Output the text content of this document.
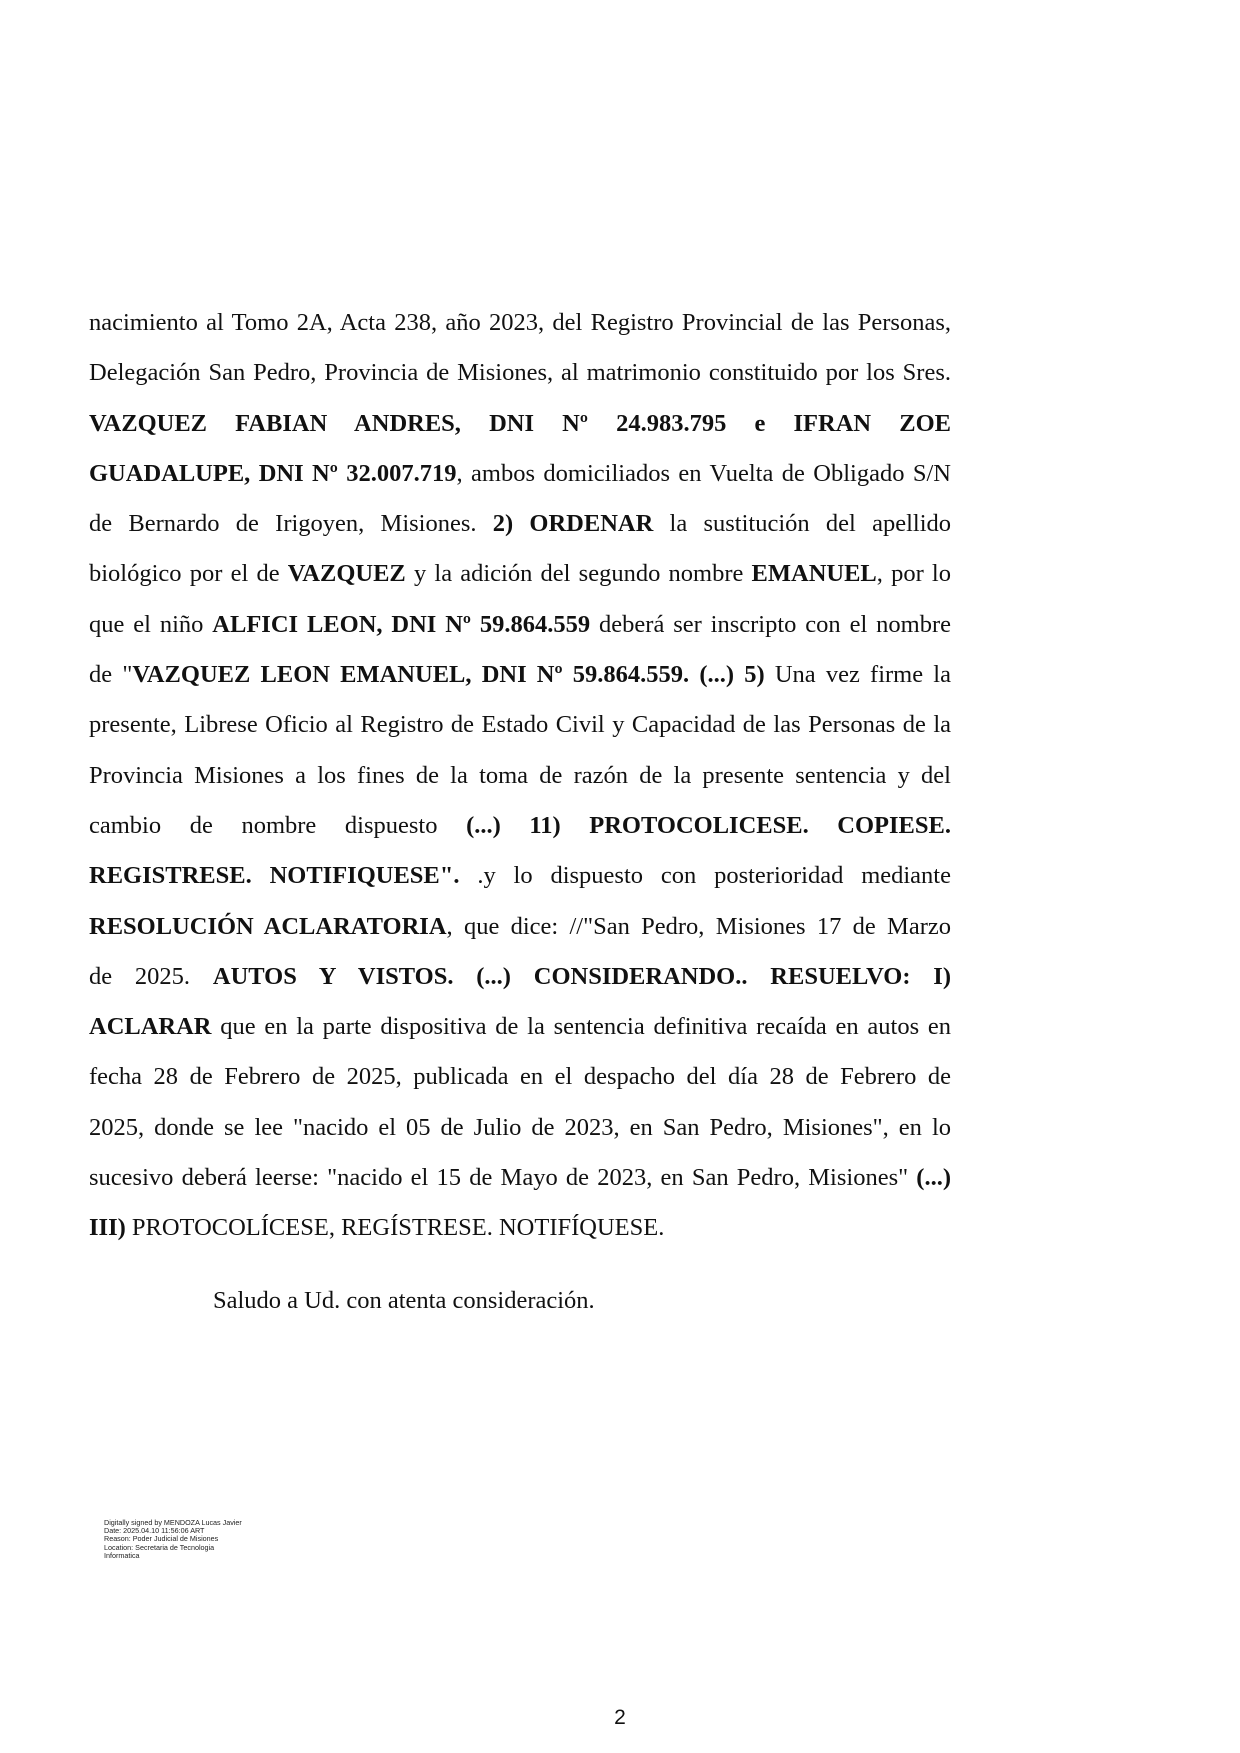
nacimiento al Tomo 2A, Acta 238, año 2023, del Registro Provincial de las Personas,
Delegación San Pedro, Provincia de Misiones, al matrimonio constituido por los Sres.
VAZQUEZ FABIAN ANDRES, DNI Nº 24.983.795 e IFRAN ZOE
GUADALUPE, DNI Nº 32.007.719, ambos domiciliados en Vuelta de Obligado S/N
de Bernardo de Irigoyen, Misiones. 2) ORDENAR la sustitución del apellido
biológico por el de VAZQUEZ y la adición del segundo nombre EMANUEL, por lo
que el niño ALFICI LEON, DNI Nº 59.864.559 deberá ser inscripto con el nombre
de "VAZQUEZ LEON EMANUEL, DNI Nº 59.864.559. (...) 5) Una vez firme la
presente, Librese Oficio al Registro de Estado Civil y Capacidad de las Personas de la
Provincia Misiones a los fines de la toma de razón de la presente sentencia y del
cambio de nombre dispuesto (...) 11) PROTOCOLICESE. COPIESE.
REGISTRESE. NOTIFIQUESE". .y lo dispuesto con posterioridad mediante
RESOLUCIÓN ACLARATORIA, que dice: //"San Pedro, Misiones 17 de Marzo
de 2025. AUTOS Y VISTOS. (...) CONSIDERANDO.. RESUELVO: I)
ACLARAR que en la parte dispositiva de la sentencia definitiva recaída en autos en
fecha 28 de Febrero de 2025, publicada en el despacho del día 28 de Febrero de
2025, donde se lee "nacido el 05 de Julio de 2023, en San Pedro, Misiones", en lo
sucesivo deberá leerse: "nacido el 15 de Mayo de 2023, en San Pedro, Misiones" (...)
III) PROTOCOLÍCESE, REGÍSTRESE. NOTIFÍQUESE.
Saludo a Ud. con atenta consideración.
Digitally signed by MENDOZA Lucas Javier
Date: 2025.04.10 11:56:06 ART
Reason: Poder Judicial de Misiones
Location: Secretaria de Tecnologia
Informatica
2
